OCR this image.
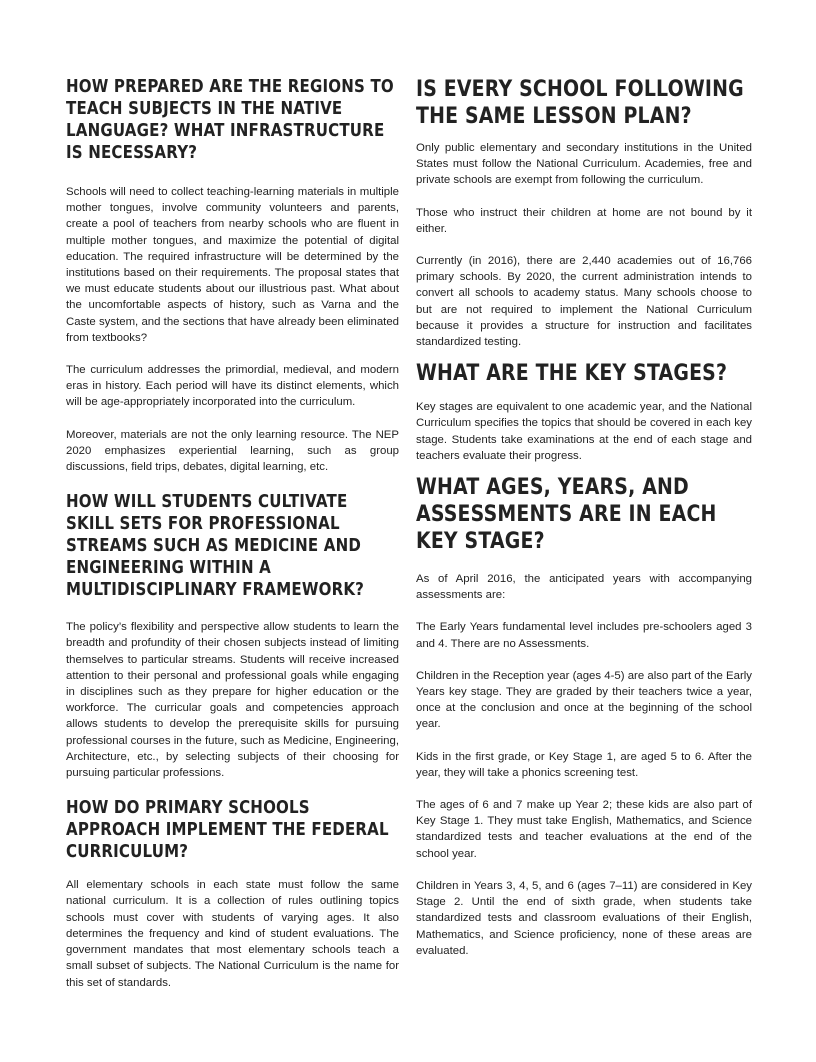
HOW PREPARED ARE THE REGIONS TO TEACH SUBJECTS IN THE NATIVE LANGUAGE? WHAT INFRASTRUCTURE IS NECESSARY?

Schools will need to collect teaching-learning materials in multiple mother tongues, involve community volunteers and parents, create a pool of teachers from nearby schools who are fluent in multiple mother tongues, and maximize the potential of digital education. The required infrastructure will be determined by the institutions based on their requirements. The proposal states that we must educate students about our illustrious past. What about the uncomfortable aspects of history, such as Varna and the Caste system, and the sections that have already been eliminated from textbooks?

The curriculum addresses the primordial, medieval, and modern eras in history. Each period will have its distinct elements, which will be age-appropriately incorporated into the curriculum.

Moreover, materials are not the only learning resource. The NEP 2020 emphasizes experiential learning, such as group discussions, field trips, debates, digital learning, etc.

HOW WILL STUDENTS CULTIVATE SKILL SETS FOR PROFESSIONAL STREAMS SUCH AS MEDICINE AND ENGINEERING WITHIN A MULTIDISCIPLINARY FRAMEWORK?

The policy’s flexibility and perspective allow students to learn the breadth and profundity of their chosen subjects instead of limiting themselves to particular streams. Students will receive increased attention to their personal and professional goals while engaging in disciplines such as they prepare for higher education or the workforce. The curricular goals and competencies approach allows students to develop the prerequisite skills for pursuing professional courses in the future, such as Medicine, Engineering, Architecture, etc., by selecting subjects of their choosing for pursuing particular professions.

HOW DO PRIMARY SCHOOLS APPROACH IMPLEMENT THE FEDERAL CURRICULUM?

All elementary schools in each state must follow the same national curriculum. It is a collection of rules outlining topics schools must cover with students of varying ages. It also determines the frequency and kind of student evaluations. The government mandates that most elementary schools teach a small subset of subjects. The National Curriculum is the name for this set of standards.

IS EVERY SCHOOL FOLLOWING THE SAME LESSON PLAN?

Only public elementary and secondary institutions in the United States must follow the National Curriculum. Academies, free and private schools are exempt from following the curriculum.

Those who instruct their children at home are not bound by it either.

Currently (in 2016), there are 2,440 academies out of 16,766 primary schools. By 2020, the current administration intends to convert all schools to academy status. Many schools choose to but are not required to implement the National Curriculum because it provides a structure for instruction and facilitates standardized testing.

WHAT ARE THE KEY STAGES?

Key stages are equivalent to one academic year, and the National Curriculum specifies the topics that should be covered in each key stage. Students take examinations at the end of each stage and teachers evaluate their progress.

WHAT AGES, YEARS, AND ASSESSMENTS ARE IN EACH KEY STAGE?

As of April 2016, the anticipated years with accompanying assessments are:

The Early Years fundamental level includes pre-schoolers aged 3 and 4. There are no Assessments.

Children in the Reception year (ages 4-5) are also part of the Early Years key stage. They are graded by their teachers twice a year, once at the conclusion and once at the beginning of the school year.

Kids in the first grade, or Key Stage 1, are aged 5 to 6. After the year, they will take a phonics screening test.

The ages of 6 and 7 make up Year 2; these kids are also part of Key Stage 1. They must take English, Mathematics, and Science standardized tests and teacher evaluations at the end of the school year.

Children in Years 3, 4, 5, and 6 (ages 7–11) are considered in Key Stage 2. Until the end of sixth grade, when students take standardized tests and classroom evaluations of their English, Mathematics, and Science proficiency, none of these areas are evaluated.
